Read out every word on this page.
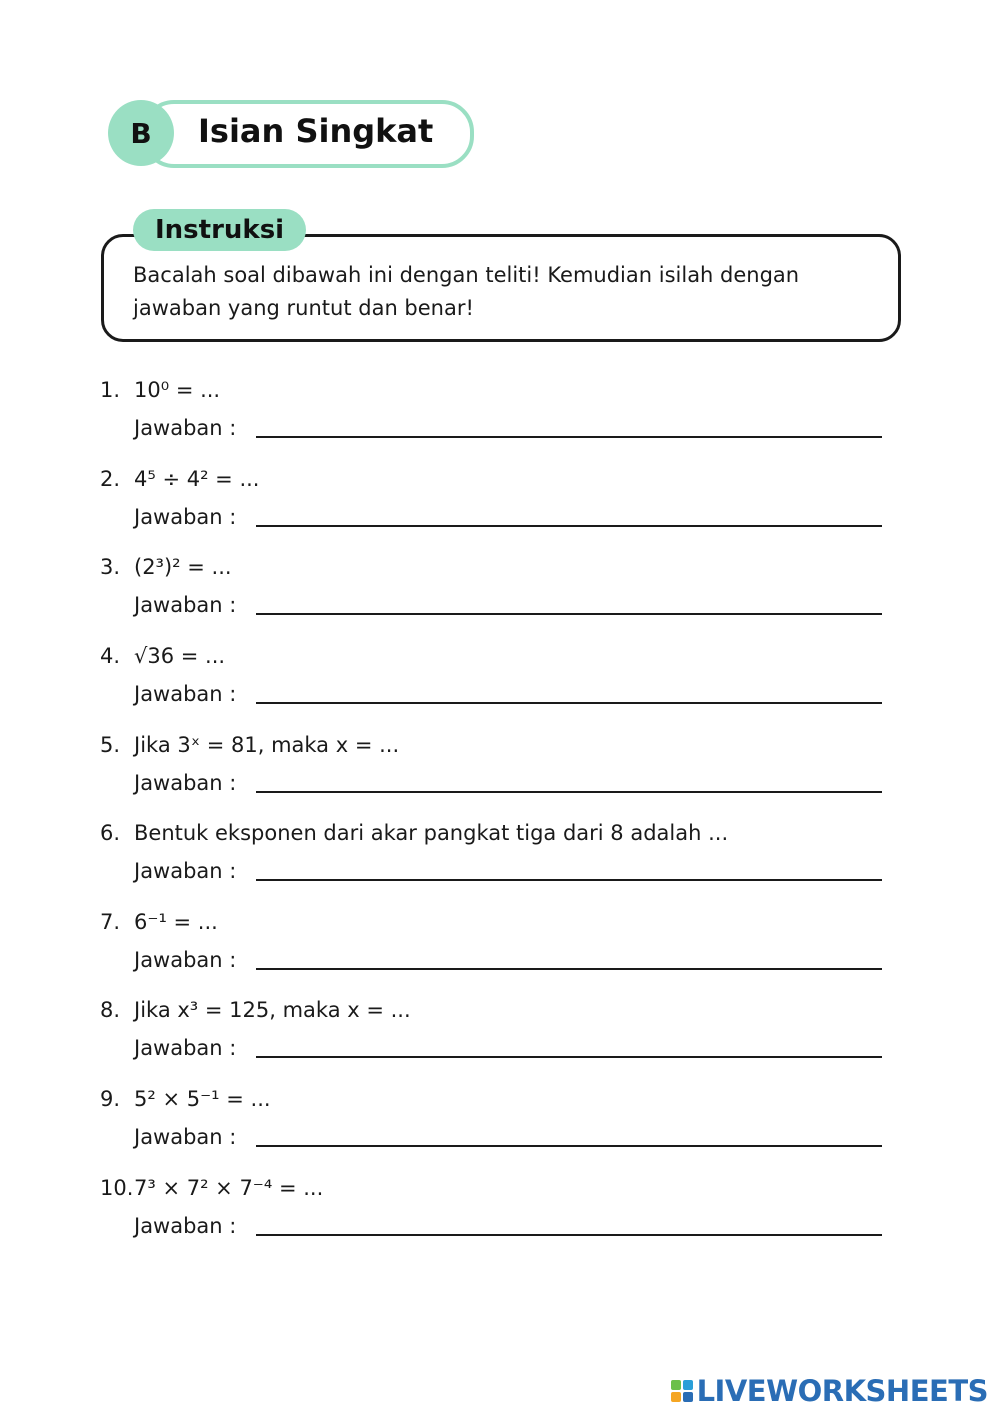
B	Isian Singkat
Instruksi
Bacalah soal dibawah ini dengan teliti! Kemudian isilah dengan jawaban yang runtut dan benar!
1. 10⁰ = ...
Jawaban :
2. 4⁵ ÷ 4² = ...
Jawaban :
3. (2³)² = ...
Jawaban :
4. √36 = ...
Jawaban :
5. Jika 3ˣ = 81, maka x = ...
Jawaban :
6. Bentuk eksponen dari akar pangkat tiga dari 8 adalah ...
Jawaban :
7. 6⁻¹ = ...
Jawaban :
8. Jika x³ = 125, maka x = ...
Jawaban :
9. 5² × 5⁻¹ = ...
Jawaban :
10. 7³ × 7² × 7⁻⁴ = ...
Jawaban :
LIVEWORKSHEETS
